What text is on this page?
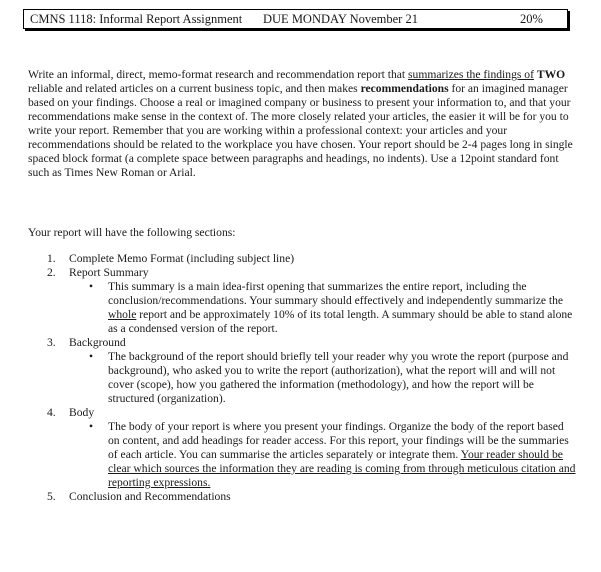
CMNS 1118: Informal Report Assignment DUE MONDAY November 21	20%

Write an informal, direct, memo-format research and recommendation report that summarizes the findings of TWO reliable and related articles on a current business topic, and then makes recommendations for an imagined manager based on your findings. Choose a real or imagined company or business to present your information to, and that your recommendations make sense in the context of. The more closely related your articles, the easier it will be for you to write your report. Remember that you are working within a professional context: your articles and your recommendations should be related to the workplace you have chosen. Your report should be 2-4 pages long in single spaced block format (a complete space between paragraphs and headings, no indents). Use a 12point standard font such as Times New Roman or Arial.

Your report will have the following sections:

1. Complete Memo Format (including subject line)
2. Report Summary
• This summary is a main idea-first opening that summarizes the entire report, including the conclusion/recommendations. Your summary should effectively and independently summarize the whole report and be approximately 10% of its total length. A summary should be able to stand alone as a condensed version of the report.
3. Background
• The background of the report should briefly tell your reader why you wrote the report (purpose and background), who asked you to write the report (authorization), what the report will and will not cover (scope), how you gathered the information (methodology), and how the report will be structured (organization).
4. Body
• The body of your report is where you present your findings. Organize the body of the report based on content, and add headings for reader access. For this report, your findings will be the summaries of each article. You can summarise the articles separately or integrate them. Your reader should be clear which sources the information they are reading is coming from through meticulous citation and reporting expressions.
5. Conclusion and Recommendations
